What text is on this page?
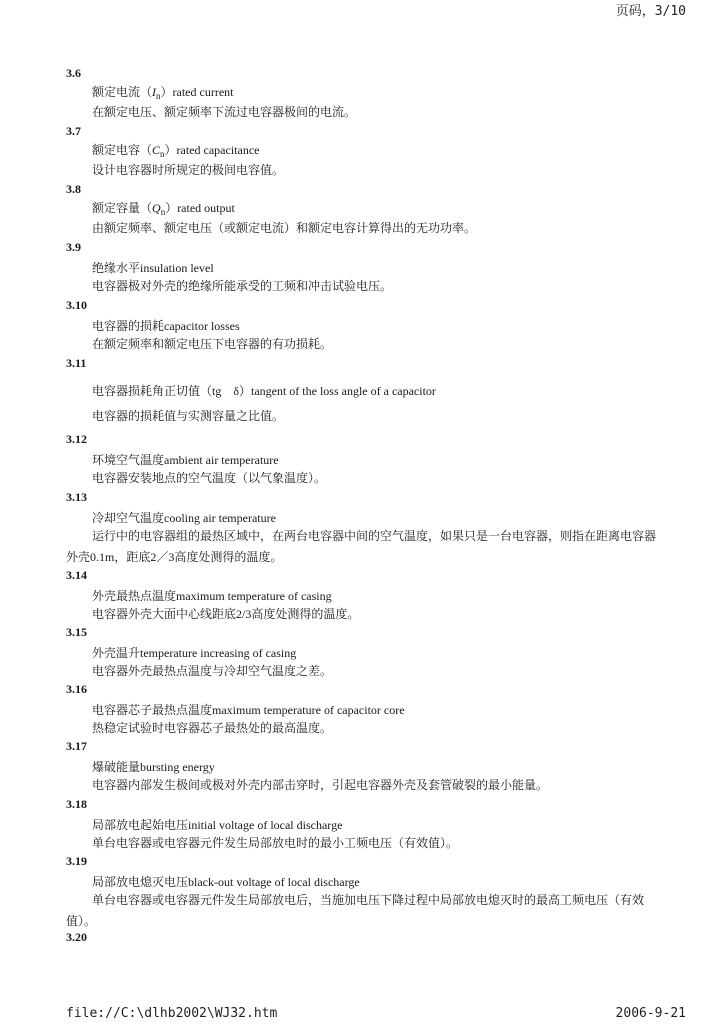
页码，3/10
3.6
额定电流$(I_n)rated$ current
在额定电压、额定频率下流过电容器极间的电流。
3.7
额定电容$(C_n)rated$ capacitance
设计电容器时所规定的极间电容值。
3.8
额定容量$(Q_n)rated$ output
由额定频率、额定电压（或额定电流）和额定电容计算得出的无功功率。
3.9
绝缘水平insulation level
电容器极对外壳的绝缘所能承受的工频和冲击试验电压。
3.10
电容器的损耗capacitor losses
在额定频率和额定电压下电容器的有功损耗。
3.11
电容器损耗角正切值（tg　δ）tangent of the loss angle of a capacitor
电容器的损耗值与实测容量之比值。
3.12
环境空气温度ambient air temperature
电容器安装地点的空气温度（以气象温度）。
3.13
冷却空气温度cooling air temperature
运行中的电容器组的最热区域中，在两台电容器中间的空气温度，如果只是一台电容器，则指在距离电容器外壳0.1m，距底2／3高度处测得的温度。
3.14
外壳最热点温度maximum temperature of casing
电容器外壳大面中心线距底2/3高度处测得的温度。
3.15
外壳温升temperature increasing of casing
电容器外壳最热点温度与冷却空气温度之差。
3.16
电容器芯子最热点温度maximum temperature of capacitor core
热稳定试验时电容器芯子最热处的最高温度。
3.17
爆破能量bursting energy
电容器内部发生极间或极对外壳内部击穿时，引起电容器外壳及套管破裂的最小能量。
3.18
局部放电起始电压initial voltage of local discharge
单台电容器或电容器元件发生局部放电时的最小工频电压（有效值）。
3.19
局部放电熄灭电压black-out voltage of local discharge
单台电容器或电容器元件发生局部放电后，当施加电压下降过程中局部放电熄灭时的最高工频电压（有效值）。
3.20
file://C:\dlhb2002\WJ32.htm	2006-9-21
